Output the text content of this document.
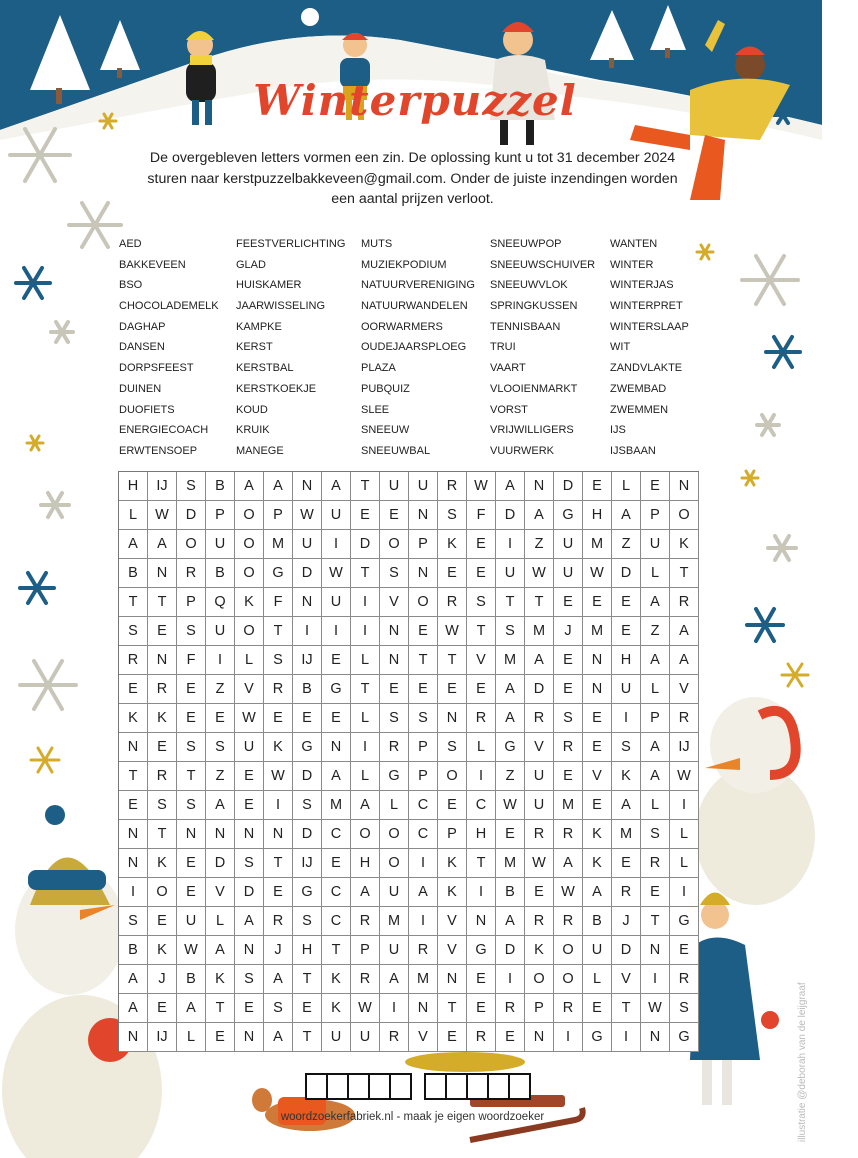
Winterpuzzel

De overgebleven letters vormen een zin. De oplossing kunt u tot 31 december 2024 sturen naar kerstpuzzelbakkeveen@gmail.com. Onder de juiste inzendingen worden een aantal prijzen verloot.

AED
BAKKEVEEN
BSO
CHOCOLADEMELK
DAGHAP
DANSEN
DORPSFEEST
DUINEN
DUOFIETS
ENERGIECOACH
ERWTENSOEP
FEESTVERLICHTING
GLAD
HUISKAMER
JAARWISSELING
KAMPKE
KERST
KERSTBAL
KERSTKOEKJE
KOUD
KRUIK
MANEGE
MUTS
MUZIEKPODIUM
NATUURVERENIGING
NATUURWANDELEN
OORWARMERS
OUDEJAARSPLOEG
PLAZA
PUBQUIZ
SLEE
SNEEUW
SNEEUWBAL
SNEEUWPOP
SNEEUWSCHUIVER
SNEEUWVLOK
SPRINGKUSSEN
TENNISBAAN
TRUI
VAART
VLOOIENMARKT
VORST
VRIJWILLIGERS
VUURWERK
WANTEN
WINTER
WINTERJAS
WINTERPRET
WINTERSLAAP
WIT
ZANDVLAKTE
ZWEMBAD
ZWEMMEN
IJS
IJSBAAN
H	IJ	S	B	A	A	N	A	T	U	U	R	W	A	N	D	E	L	E	N
L	W	D	P	O	P	W	U	E	E	N	S	F	D	A	G	H	A	P	O
A	A	O	U	O	M	U	I	D	O	P	K	E	I	Z	U	M	Z	U	K
B	N	R	B	O	G	D	W	T	S	N	E	E	U	W	U	W	D	L	T
T	T	P	Q	K	F	N	U	I	V	O	R	S	T	T	E	E	E	A	R
S	E	S	U	O	T	I	I	I	N	E	W	T	S	M	J	M	E	Z	A
R	N	F	I	L	S	IJ	E	L	N	T	T	V	M	A	E	N	H	A	A
E	R	E	Z	V	R	B	G	T	E	E	E	E	A	D	E	N	U	L	V
K	K	E	E	W	E	E	E	L	S	S	N	R	A	R	S	E	I	P	R
N	E	S	S	U	K	G	N	I	R	P	S	L	G	V	R	E	S	A	IJ
T	R	T	Z	E	W	D	A	L	G	P	O	I	Z	U	E	V	K	A	W
E	S	S	A	E	I	S	M	A	L	C	E	C	W	U	M	E	A	L	I
N	T	N	N	N	N	D	C	O	O	C	P	H	E	R	R	K	M	S	L
N	K	E	D	S	T	IJ	E	H	O	I	K	T	M	W	A	K	E	R	L
I	O	E	V	D	E	G	C	A	U	A	K	I	B	E	W	A	R	E	I
S	E	U	L	A	R	S	C	R	M	I	V	N	A	R	R	B	J	T	G
B	K	W	A	N	J	H	T	P	U	R	V	G	D	K	O	U	D	N	E
A	J	B	K	S	A	T	K	R	A	M	N	E	I	O	O	L	V	I	R
A	E	A	T	E	S	E	K	W	I	N	T	E	R	P	R	E	T	W	S
N	IJ	L	E	N	A	T	U	U	R	V	E	R	E	N	I	G	I	N	G
woordzoekerfabriek.nl - maak je eigen woordzoeker	illustratie @deborah van de leijgraaf
